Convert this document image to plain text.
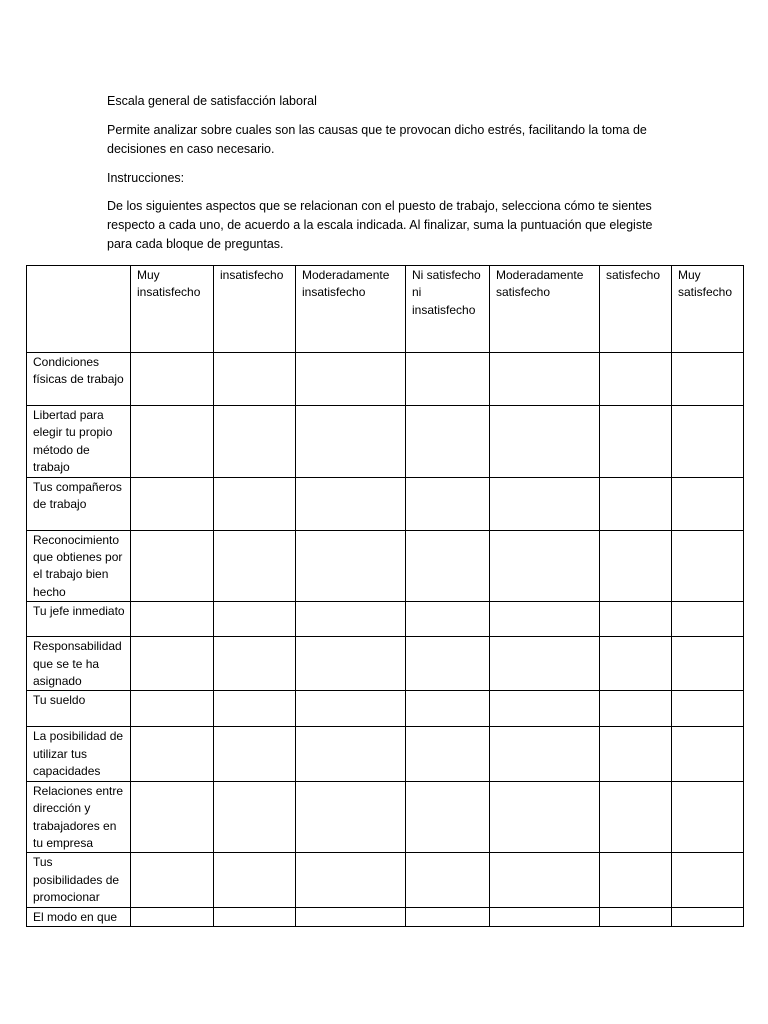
Escala general de satisfacción laboral
Permite analizar sobre cuales son las causas que te provocan dicho estrés, facilitando la toma de decisiones en caso necesario.
Instrucciones:
De los siguientes aspectos que se relacionan con el puesto de trabajo, selecciona cómo te sientes respecto a cada uno, de acuerdo a la escala indicada. Al finalizar, suma la puntuación que elegiste para cada bloque de preguntas.
	Muy insatisfecho	insatisfecho	Moderadamente insatisfecho	Ni satisfecho ni insatisfecho	Moderadamente satisfecho	satisfecho	Muy satisfecho
Condiciones físicas de trabajo							
Libertad para elegir tu propio método de trabajo							
Tus compañeros de trabajo							
Reconocimiento que obtienes por el trabajo bien hecho							
Tu jefe inmediato							
Responsabilidad que se te ha asignado							
Tu sueldo							
La posibilidad de utilizar tus capacidades							
Relaciones entre dirección y trabajadores en tu empresa							
Tus posibilidades de promocionar							
El modo en que							
